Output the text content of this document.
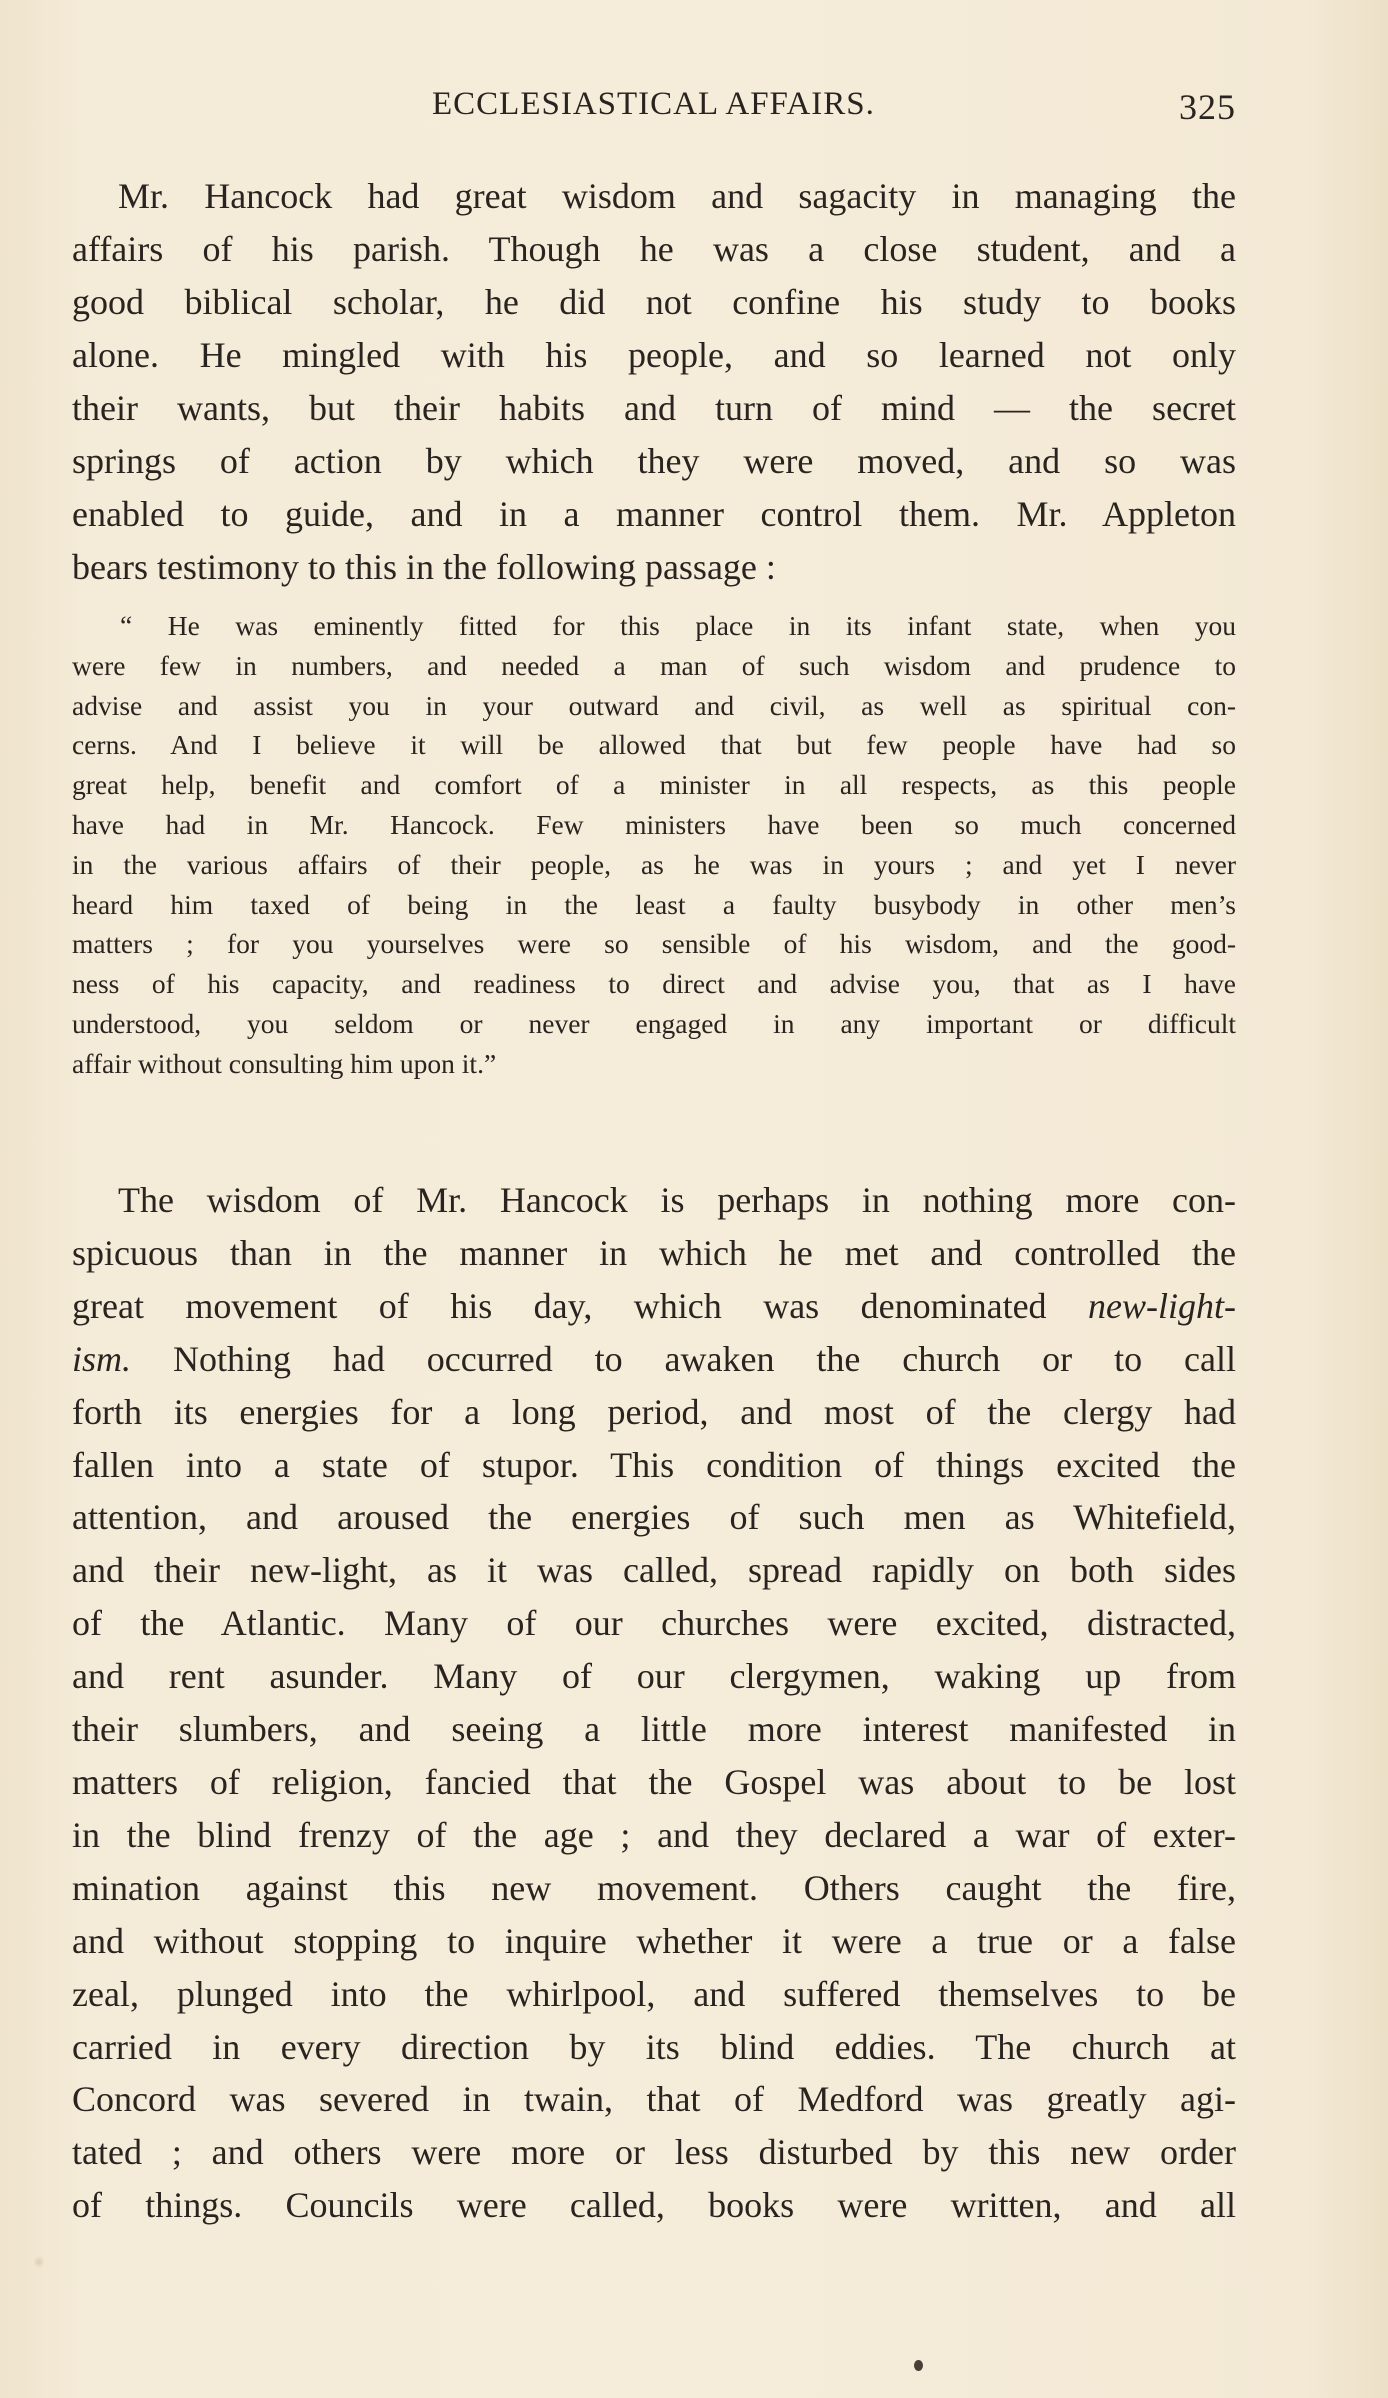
ECCLESIASTICAL AFFAIRS.	325
Mr. Hancock had great wisdom and sagacity in managing the
affairs of his parish. Though he was a close student, and a
good biblical scholar, he did not confine his study to books
alone. He mingled with his people, and so learned not only
their wants, but their habits and turn of mind — the secret
springs of action by which they were moved, and so was
enabled to guide, and in a manner control them. Mr. Appleton
bears testimony to this in the following passage :
“ He was eminently fitted for this place in its infant state, when you
were few in numbers, and needed a man of such wisdom and prudence to
advise and assist you in your outward and civil, as well as spiritual con-
cerns. And I believe it will be allowed that but few people have had so
great help, benefit and comfort of a minister in all respects, as this people
have had in Mr. Hancock. Few ministers have been so much concerned
in the various affairs of their people, as he was in yours ; and yet I never
heard him taxed of being in the least a faulty busybody in other men’s
matters ; for you yourselves were so sensible of his wisdom, and the good-
ness of his capacity, and readiness to direct and advise you, that as I have
understood, you seldom or never engaged in any important or difficult
affair without consulting him upon it.”
The wisdom of Mr. Hancock is perhaps in nothing more con-
spicuous than in the manner in which he met and controlled the
great movement of his day, which was denominated new-light-
ism. Nothing had occurred to awaken the church or to call
forth its energies for a long period, and most of the clergy had
fallen into a state of stupor. This condition of things excited the
attention, and aroused the energies of such men as Whitefield,
and their new-light, as it was called, spread rapidly on both sides
of the Atlantic. Many of our churches were excited, distracted,
and rent asunder. Many of our clergymen, waking up from
their slumbers, and seeing a little more interest manifested in
matters of religion, fancied that the Gospel was about to be lost
in the blind frenzy of the age ; and they declared a war of exter-
mination against this new movement. Others caught the fire,
and without stopping to inquire whether it were a true or a false
zeal, plunged into the whirlpool, and suffered themselves to be
carried in every direction by its blind eddies. The church at
Concord was severed in twain, that of Medford was greatly agi-
tated ; and others were more or less disturbed by this new order
of things. Councils were called, books were written, and all
